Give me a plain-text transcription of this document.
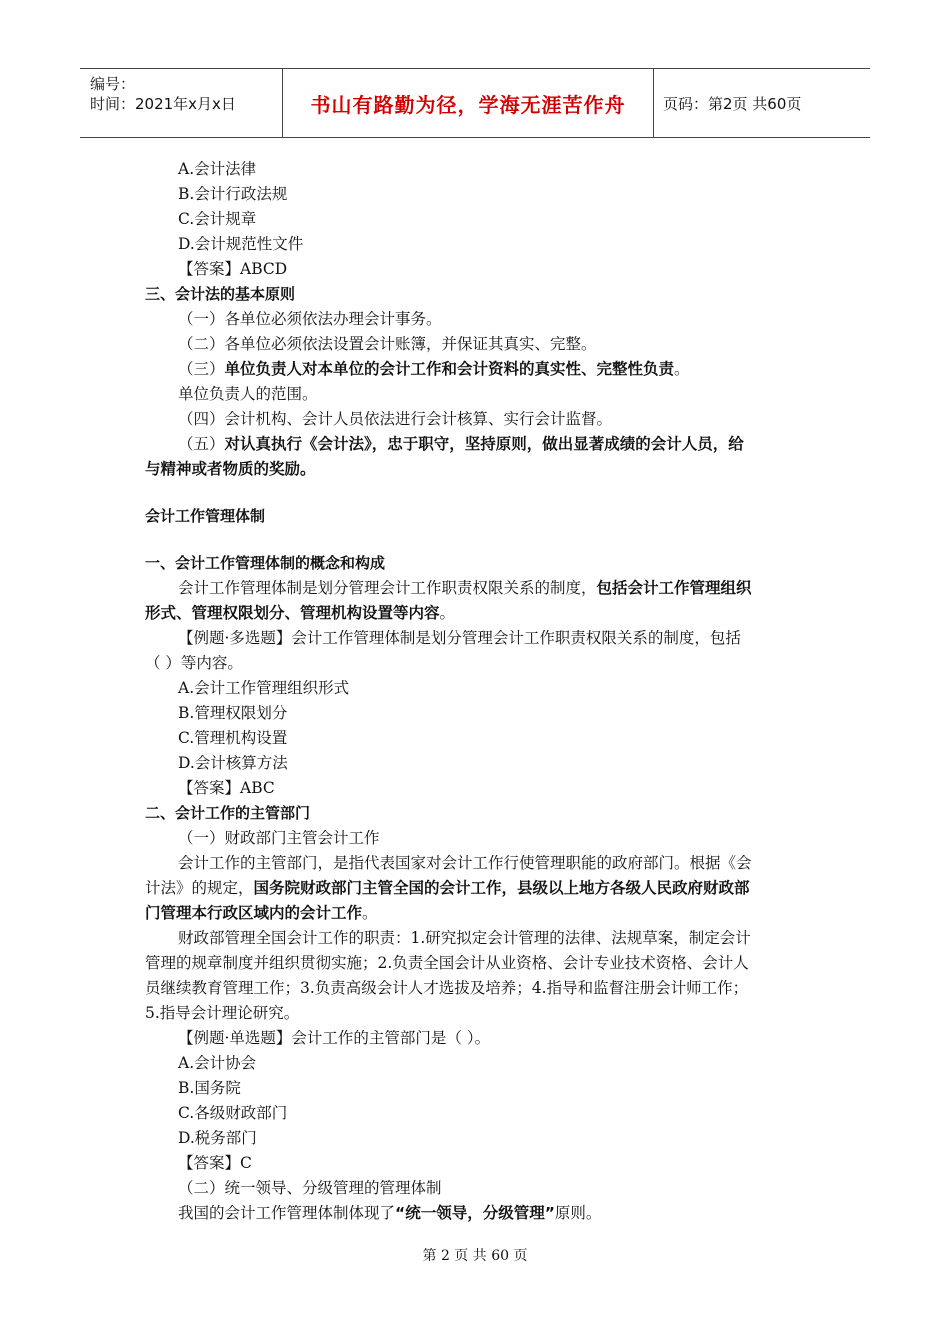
编号：
时间：2021年x月x日	书山有路勤为径，学海无涯苦作舟	页码：第2页 共60页
A.会计法律
B.会计行政法规
C.会计规章
D.会计规范性文件
【答案】ABCD
三、会计法的基本原则
（一）各单位必须依法办理会计事务。
（二）各单位必须依法设置会计账簿，并保证其真实、完整。
（三）单位负责人对本单位的会计工作和会计资料的真实性、完整性负责。
单位负责人的范围。
（四）会计机构、会计人员依法进行会计核算、实行会计监督。
（五）对认真执行《会计法》，忠于职守，坚持原则，做出显著成绩的会计人员，给
与精神或者物质的奖励。
会计工作管理体制
一、会计工作管理体制的概念和构成
会计工作管理体制是划分管理会计工作职责权限关系的制度，包括会计工作管理组织
形式、管理权限划分、管理机构设置等内容。
【例题·多选题】会计工作管理体制是划分管理会计工作职责权限关系的制度，包括
（ ）等内容。
A.会计工作管理组织形式
B.管理权限划分
C.管理机构设置
D.会计核算方法
【答案】ABC
二、会计工作的主管部门
（一）财政部门主管会计工作
会计工作的主管部门，是指代表国家对会计工作行使管理职能的政府部门。根据《会
计法》的规定，国务院财政部门主管全国的会计工作，县级以上地方各级人民政府财政部
门管理本行政区域内的会计工作。
财政部管理全国会计工作的职责：1.研究拟定会计管理的法律、法规草案，制定会计
管理的规章制度并组织贯彻实施；2.负责全国会计从业资格、会计专业技术资格、会计人
员继续教育管理工作；3.负责高级会计人才选拔及培养；4.指导和监督注册会计师工作；
5.指导会计理论研究。
【例题·单选题】会计工作的主管部门是（ ）。
A.会计协会
B.国务院
C.各级财政部门
D.税务部门
【答案】C
（二）统一领导、分级管理的管理体制
我国的会计工作管理体制体现了“统一领导，分级管理”原则。
第 2 页 共 60 页
